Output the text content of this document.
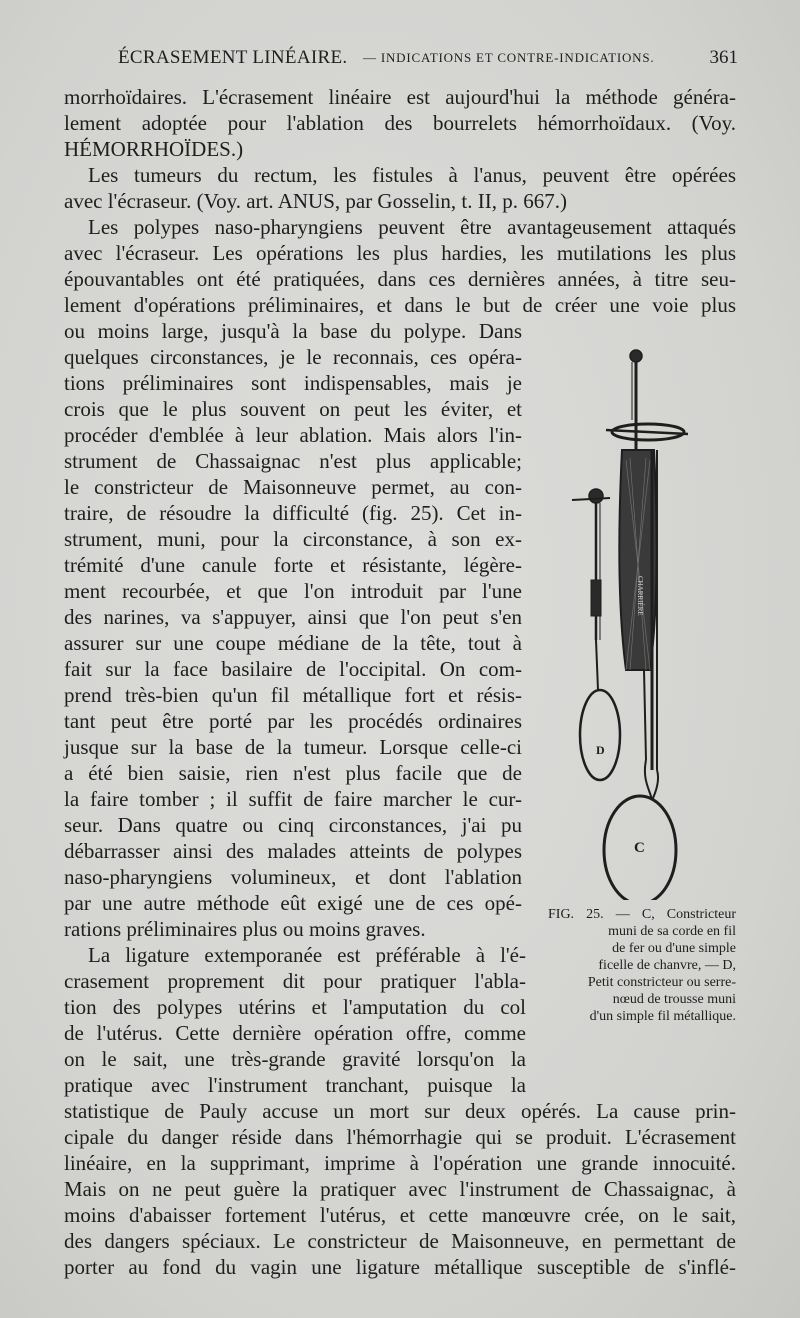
ÉCRASEMENT LINÉAIRE. — INDICATIONS ET CONTRE-INDICATIONS.	361
morrhoïdaires. L'écrasement linéaire est aujourd'hui la méthode généra-
lement adoptée pour l'ablation des bourrelets hémorrhoïdaux. (Voy.
HÉMORRHOÏDES.)
Les tumeurs du rectum, les fistules à l'anus, peuvent être opérées
avec l'écraseur. (Voy. art. ANUS, par Gosselin, t. II, p. 667.)
Les polypes naso-pharyngiens peuvent être avantageusement attaqués
avec l'écraseur. Les opérations les plus hardies, les mutilations les plus
épouvantables ont été pratiquées, dans ces dernières années, à titre seu-
lement d'opérations préliminaires, et dans le but de créer une voie plus
ou moins large, jusqu'à la base du polype. Dans
quelques circonstances, je le reconnais, ces opéra-
tions préliminaires sont indispensables, mais je
crois que le plus souvent on peut les éviter, et
procéder d'emblée à leur ablation. Mais alors l'in-
strument de Chassaignac n'est plus applicable;
le constricteur de Maisonneuve permet, au con-
traire, de résoudre la difficulté (fig. 25). Cet in-
strument, muni, pour la circonstance, à son ex-
trémité d'une canule forte et résistante, légère-
ment recourbée, et que l'on introduit par l'une
des narines, va s'appuyer, ainsi que l'on peut s'en
assurer sur une coupe médiane de la tête, tout à
fait sur la face basilaire de l'occipital. On com-
prend très-bien qu'un fil métallique fort et résis-
tant peut être porté par les procédés ordinaires
jusque sur la base de la tumeur. Lorsque celle-ci
a été bien saisie, rien n'est plus facile que de
la faire tomber ; il suffit de faire marcher le cur-
seur. Dans quatre ou cinq circonstances, j'ai pu
débarrasser ainsi des malades atteints de polypes
naso-pharyngiens volumineux, et dont l'ablation
par une autre méthode eût exigé une de ces opé-
rations préliminaires plus ou moins graves.
La ligature extemporanée est préférable à l'é-
crasement proprement dit pour pratiquer l'abla-
tion des polypes utérins et l'amputation du col
de l'utérus. Cette dernière opération offre, comme
on le sait, une très-grande gravité lorsqu'on la
pratique avec l'instrument tranchant, puisque la
statistique de Pauly accuse un mort sur deux opérés. La cause prin-
cipale du danger réside dans l'hémorrhagie qui se produit. L'écrasement
linéaire, en la supprimant, imprime à l'opération une grande innocuité.
Mais on ne peut guère la pratiquer avec l'instrument de Chassaignac, à
moins d'abaisser fortement l'utérus, et cette manœuvre crée, on le sait,
des dangers spéciaux. Le constricteur de Maisonneuve, en permettant de
porter au fond du vagin une ligature métallique susceptible de s'inflé-
C
CHARRIÈRE
D
FIG. 25. — C, Constricteur
muni de sa corde en fil
de fer ou d'une simple
ficelle de chanvre, — D,
Petit constricteur ou serre-
nœud de trousse muni
d'un simple fil métallique.
